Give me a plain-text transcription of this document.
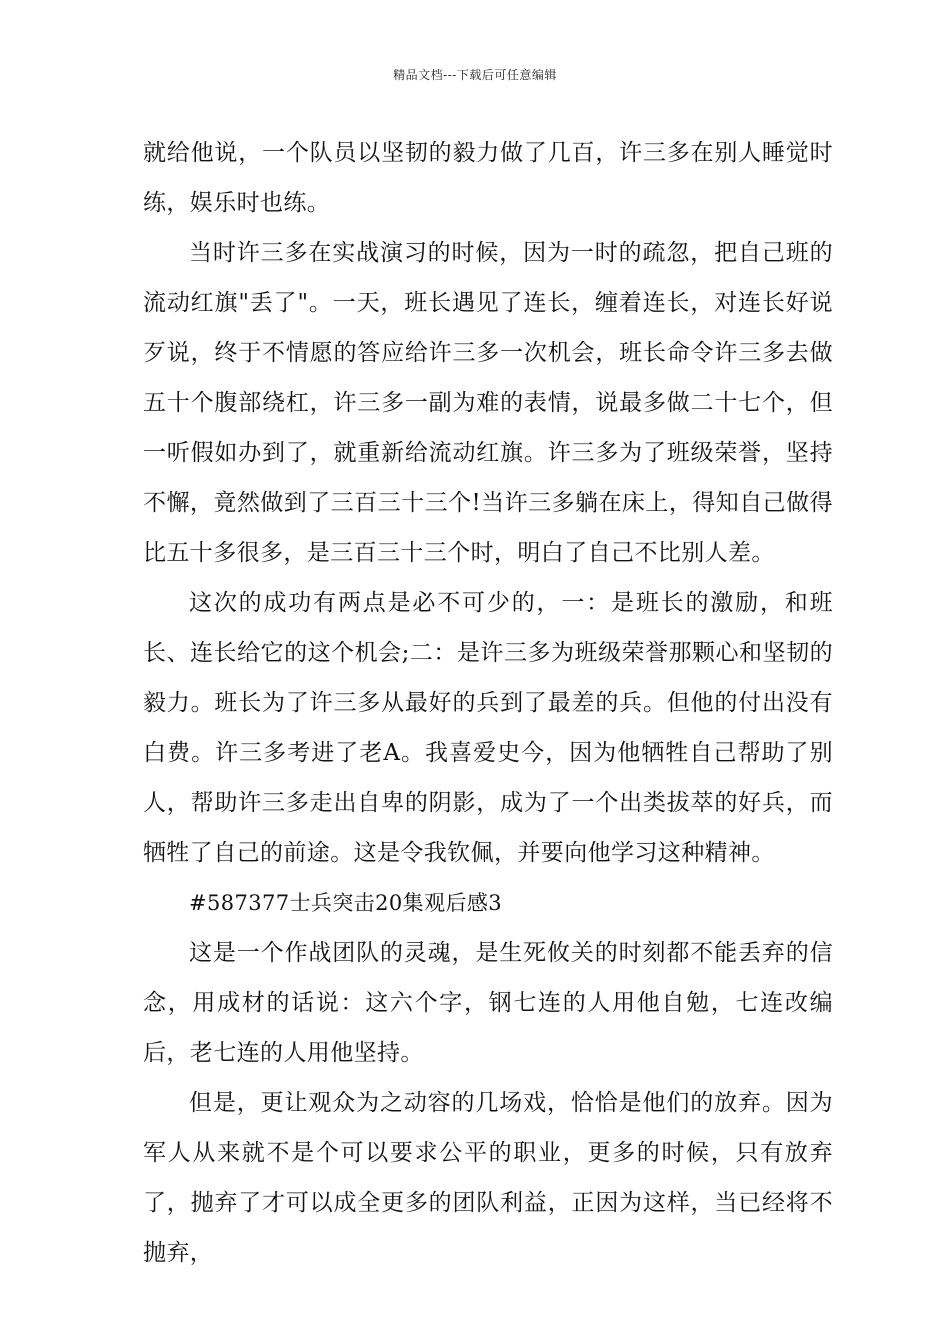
精品文档---下载后可任意编辑

就给他说，一个队员以坚韧的毅力做了几百，许三多在别人睡觉时练，娱乐时也练。

当时许三多在实战演习的时候，因为一时的疏忽，把自己班的流动红旗"丢了"。一天，班长遇见了连长，缠着连长，对连长好说歹说，终于不情愿的答应给许三多一次机会，班长命令许三多去做五十个腹部绕杠，许三多一副为难的表情，说最多做二十七个，但一听假如办到了，就重新给流动红旗。许三多为了班级荣誉，坚持不懈，竟然做到了三百三十三个!当许三多躺在床上，得知自己做得比五十多很多，是三百三十三个时，明白了自己不比别人差。

这次的成功有两点是必不可少的，一：是班长的激励，和班长、连长给它的这个机会;二：是许三多为班级荣誉那颗心和坚韧的毅力。班长为了许三多从最好的兵到了最差的兵。但他的付出没有白费。许三多考进了老A。我喜爱史今，因为他牺牲自己帮助了别人，帮助许三多走出自卑的阴影，成为了一个出类拔萃的好兵，而牺牲了自己的前途。这是令我钦佩，并要向他学习这种精神。

#587377士兵突击20集观后感3

这是一个作战团队的灵魂，是生死攸关的时刻都不能丢弃的信念，用成材的话说：这六个字，钢七连的人用他自勉，七连改编后，老七连的人用他坚持。

但是，更让观众为之动容的几场戏，恰恰是他们的放弃。因为军人从来就不是个可以要求公平的职业，更多的时候，只有放弃了，抛弃了才可以成全更多的团队利益，正因为这样，当已经将不抛弃，
